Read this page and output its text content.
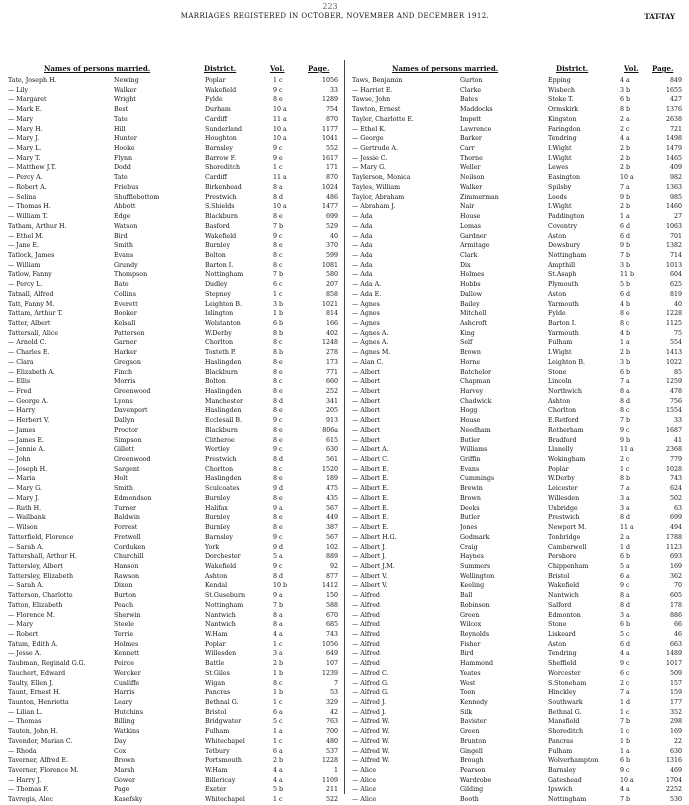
223
MARRIAGES REGISTERED IN OCTOBER, NOVEMBER AND DECEMBER 1912.	TAT-TAY
Names of persons married.	District.	Vol.	Page.
Tate, Joseph H.	Newing	Poplar	1 c	1056
— Lily	Walker	Wakefield	9 c	33
— Margaret	Wright	Fylde	8 e	1289
— Mark E.	Best	Durham	10 a	754
— Mary	Tate	Cardiff	11 a	870
— Mary H.	Hill	Sunderland	10 a	1177
— Mary J.	Hunter	Houghton	10 a	1041
— Mary L.	Hooke	Barnsley	9 c	552
— Mary T.	Flynn	Barrow F.	9 e	1617
— Matthew J.T.	Dodd	Shoreditch	1 c	171
— Percy A.	Tate	Cardiff	11 a	870
— Robert A.	Friebus	Birkenhead	8 a	1024
— Selina	Shufflebottom	Prestwich	8 d	486
— Thomas H.	Abbott	S.Shields	10 a	1477
— William T.	Edge	Blackburn	8 e	699
Tatham, Arthur H.	Watson	Basford	7 b	529
— Ethel M.	Bird	Wakefield	9 c	40
— Jane E.	Smith	Burnley	8 e	370
Tatlock, James	Evans	Bolton	8 c	599
— William	Grundy	Barton I.	8 c	1081
Tatlow, Fanny	Thompson	Nottingham	7 b	580
— Percy L.	Bate	Dudley	6 c	207
Tatnall, Alfred	Collins	Stepney	1 c	858
Tatt, Fanny M.	Everett	Leighton B.	3 b	1021
Tattam, Arthur T.	Booker	Islington	1 b	814
Tatter, Albert	Kelsall	Wolstanton	6 b	166
Tattersall, Alice	Patterson	W.Derby	8 b	402
— Arnold C.	Garner	Chorlton	8 c	1248
— Charles E.	Harker	Toxteth P.	8 b	278
— Clara	Gregson	Haslingden	8 e	173
— Elizabeth A.	Finch	Blackburn	8 e	771
— Ellis	Morris	Bolton	8 c	660
— Fred	Greenwood	Haslingden	8 e	252
— George A.	Lyons	Manchester	8 d	341
— Harry	Davenport	Haslingden	8 e	205
— Herbert V.	Dallyn	Ecclesall B.	9 c	913
— James	Proctor	Blackburn	8 e	806a
— James E.	Simpson	Clitheroe	8 e	615
— Jennie A.	Gillett	Wortley	9 c	630
— John	Greenwood	Prestwich	8 d	561
— Joseph H.	Sargent	Chorlton	8 c	1520
— Maria	Holt	Haslingden	8 e	189
— Mary G.	Smith	Sculcoates	9 d	475
— Mary J.	Edmondson	Burnley	8 e	435
— Ruth H.	Turner	Halifax	9 a	567
— Wallbank	Baldwin	Burnley	8 e	449
— Wilson	Forrest	Burnley	8 e	387
Tatterfield, Florence	Fretwell	Barnsley	9 c	567
— Sarah A.	Corduken	York	9 d	102
Tattershall, Arthur H.	Churchill	Dorchester	5 a	889
Tattersley, Albert	Hanson	Wakefield	9 c	92
Tattersley, Elizabeth	Rawson	Ashton	8 d	877
— Sarah A.	Dixon	Kendal	10 b	1412
Tatterson, Charlotte	Burton	St.Guseburn	9 a	150
Tatton, Elizabeth	Peach	Nottingham	7 b	588
— Florence M.	Sherwin	Nantwich	8 a	670
— Mary	Steele	Nantwich	8 a	685
— Robert	Terrie	W.Ham	4 a	743
Tatum, Edith A.	Holmes	Poplar	1 c	1056
— Jesse A.	Kennett	Willesden	3 a	649
Taubman, Reginald G.G.	Peirce	Battle	2 b	107
Tauchert, Edward	Wercker	St.Giles	1 b	1239
Taulty, Ellen J.	Cunliffe	Wigan	8 c	7
Taunt, Ernest H.	Harris	Pancras	1 b	53
Taunton, Henrietta	Leary	Bethnal G.	1 c	329
— Lilian L.	Hutchins	Bristol	6 a	42
— Thomas	Billing	Bridgwater	5 c	763
Tauten, John H.	Watkins	Fulham	1 a	700
Tavender, Marian C.	Day	Whitechapel	1 c	480
— Rhoda	Cox	Tetbury	6 a	537
Taverner, Alfred E.	Brown	Portsmouth	2 b	1228
Taverner, Florence M.	Marsh	W.Ham	4 a	1
— Harry J.	Gower	Billericay	4 a	1109
— Thomas F.	Page	Exeter	5 b	211
Tavregis, Alec	Kasefsky	Whitechapel	1 c	522
Names of persons married.	District.	Vol. Page.
Taws, Benjamin	Gurton	Epping	4 a	849
— Harriet E.	Clarke	Wisbech	3 b	1655
Tawse, John	Bates	Stoke T.	6 b	427
Tawton, Ernest	Maddocks	Ormskirk	8 b	1376
Tayler, Charlotte E.	Impett	Kingston	2 a	2638
— Ethel K.	Lawrence	Faringdon	2 c	721
— George	Barker	Tendring	4 a	1498
— Gertrude A.	Carr	I.Wight	2 b	1479
— Jessie C.	Thorne	I.Wight	2 b	1465
— Mary G.	Weller	Lewes	2 b	409
Taylerson, Monica	Neilson	Easington	10 a	982
Tayles, William	Walker	Spilsby	7 a	1363
Taylor, Abraham	Zimmerman	Leeds	9 b	985
— Abraham J.	Nair	I.Wight	2 b	1460
— Ada	House	Paddington	1 a	27
— Ada	Lomas	Coventry	6 d	1063
— Ada	Gardner	Aston	6 d	701
— Ada	Armitage	Dewsbury	9 b	1382
— Ada	Clark	Nottingham	7 b	714
— Ada	Dix	Ampthill	3 b	1013
— Ada	Holmes	St.Asaph	11 b	604
— Ada A.	Hobbs	Plymouth	5 b	625
— Ada E.	Dallow	Aston	6 d	819
— Agnes	Bailey	Yarmouth	4 b	40
— Agnes	Mitchell	Fylde	8 e	1228
— Agnes	Ashcroft	Barton I.	8 c	1125
— Agnes A.	King	Yarmouth	4 b	75
— Agnes A.	Self	Fulham	1 a	554
— Agnes M.	Brown	I.Wight	2 b	1413
— Alan C.	Horne	Leighton B.	3 b	1022
— Albert	Batchelor	Stone	6 b	85
— Albert	Chapman	Lincoln	7 a	1259
— Albert	Harvey	Northwich	8 a	478
— Albert	Chadwick	Ashton	8 d	756
— Albert	Hogg	Chorlton	8 c	1554
— Albert	House	E.Retford	7 b	33
— Albert	Needham	Rotherham	9 c	1687
— Albert	Butler	Bradford	9 b	41
— Albert A.	Williams	Llanelly	11 a	2368
— Albert C.	Griffin	Wokingham	2 c	779
— Albert E.	Evans	Poplar	1 c	1028
— Albert E.	Cummings	W.Derby	8 b	743
— Albert E.	Brewin	Leicester	7 a	624
— Albert E.	Brown	Willesden	3 a	502
— Albert E.	Deeks	Uxbridge	3 a	63
— Albert E.	Butler	Prestwich	8 d	699
— Albert E.	Jones	Newport M.	11 a	494
— Albert H.G.	Godmark	Tonbridge	2 a	1788
— Albert J.	Craig	Camberwell	1 d	1123
— Albert J.	Haynes	Pershore	6 b	693
— Albert J.M.	Summers	Chippenham	5 a	169
— Albert V.	Wellington	Bristol	6 a	362
— Albert V.	Keeling	Wakefield	9 c	70
— Alfred	Ball	Nantwich	8 a	605
— Alfred	Robinson	Salford	8 d	178
— Alfred	Green	Edmonton	3 a	886
— Alfred	Wilcox	Stone	6 b	66
— Alfred	Reynolds	Liskeard	5 c	46
— Alfred	Fisher	Aston	6 d	663
— Alfred	Bird	Tendring	4 a	1489
— Alfred	Hammond	Sheffield	9 c	1017
— Alfred C.	Yeates	Worcester	6 c	509
— Alfred G.	West	S.Stoneham	2 c	157
— Alfred G.	Toon	Hinckley	7 a	159
— Alfred J.	Kennedy	Southwark	1 d	177
— Alfred J.	Silk	Bethnal G.	1 c	352
— Alfred W.	Bavister	Mansfield	7 b	298
— Alfred W.	Green	Shoreditch	1 c	169
— Alfred W.	Brunton	Pancras	1 b	22
— Alfred W.	Gingell	Fulham	1 a	630
— Alfred W.	Brough	Wolverhampton	6 b	1316
— Alice	Pearson	Barnsley	9 c	469
— Alice	Wardrobe	Gateshead	10 a	1704
— Alice	Gilding	Ipswich	4 a	2252
— Alice	Booth	Nottingham	7 b	530
